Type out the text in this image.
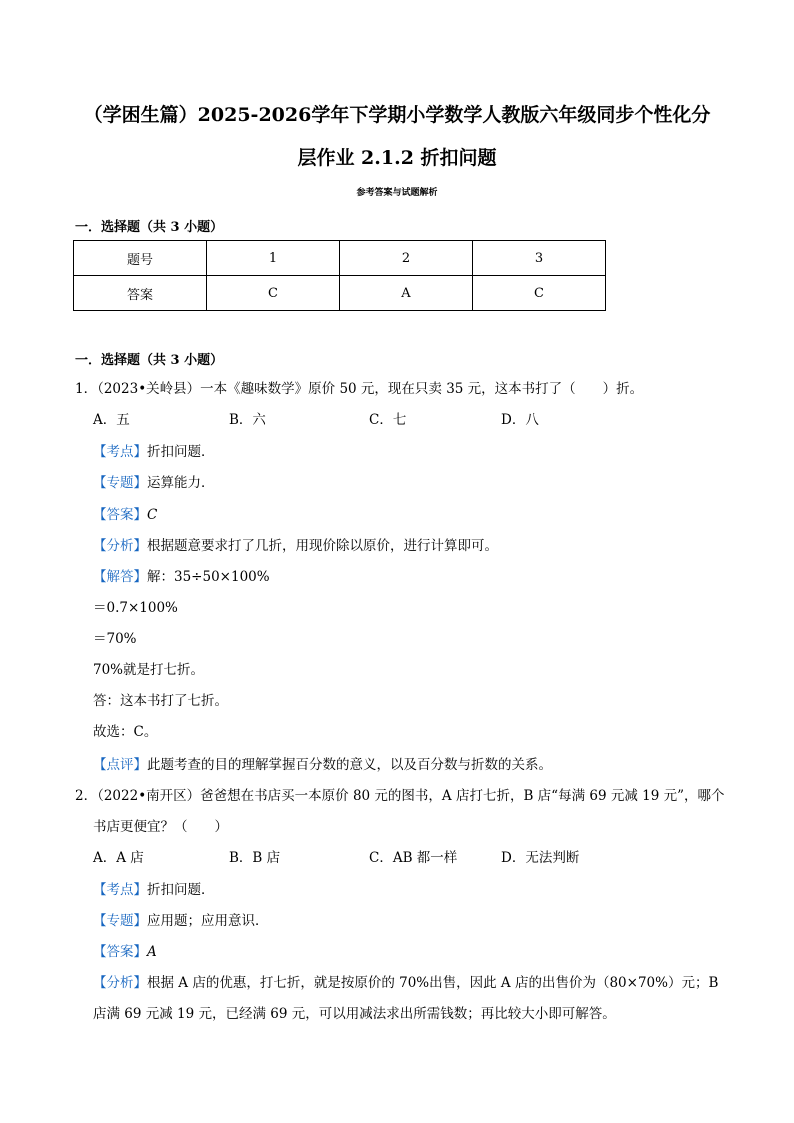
（学困生篇）2025-2026学年下学期小学数学人教版六年级同步个性化分
层作业 2.1.2 折扣问题
参考答案与试题解析
一．选择题（共 3 小题）
题号	1	2	3
答案	C	A	C
一．选择题（共 3 小题）
1．（2023•关岭县）一本《趣味数学》原价 50 元，现在只卖 35 元，这本书打了（　　）折。
A．五	B．六	C．七	D．八
【考点】折扣问题．
【专题】运算能力．
【答案】C
【分析】根据题意要求打了几折，用现价除以原价，进行计算即可。
【解答】解：35÷50×100%
＝0.7×100%
＝70%
70%就是打七折。
答：这本书打了七折。
故选：C。
【点评】此题考查的目的理解掌握百分数的意义，以及百分数与折数的关系。
2．（2022•南开区）爸爸想在书店买一本原价 80 元的图书，A 店打七折，B 店“每满 69 元减 19 元”，哪个
书店更便宜？（　　）
A．A 店	B．B 店	C．AB 都一样	D．无法判断
【考点】折扣问题．
【专题】应用题；应用意识．
【答案】A
【分析】根据 A 店的优惠，打七折，就是按原价的 70%出售，因此 A 店的出售价为（80×70%）元；B
店满 69 元减 19 元，已经满 69 元，可以用减法求出所需钱数；再比较大小即可解答。
